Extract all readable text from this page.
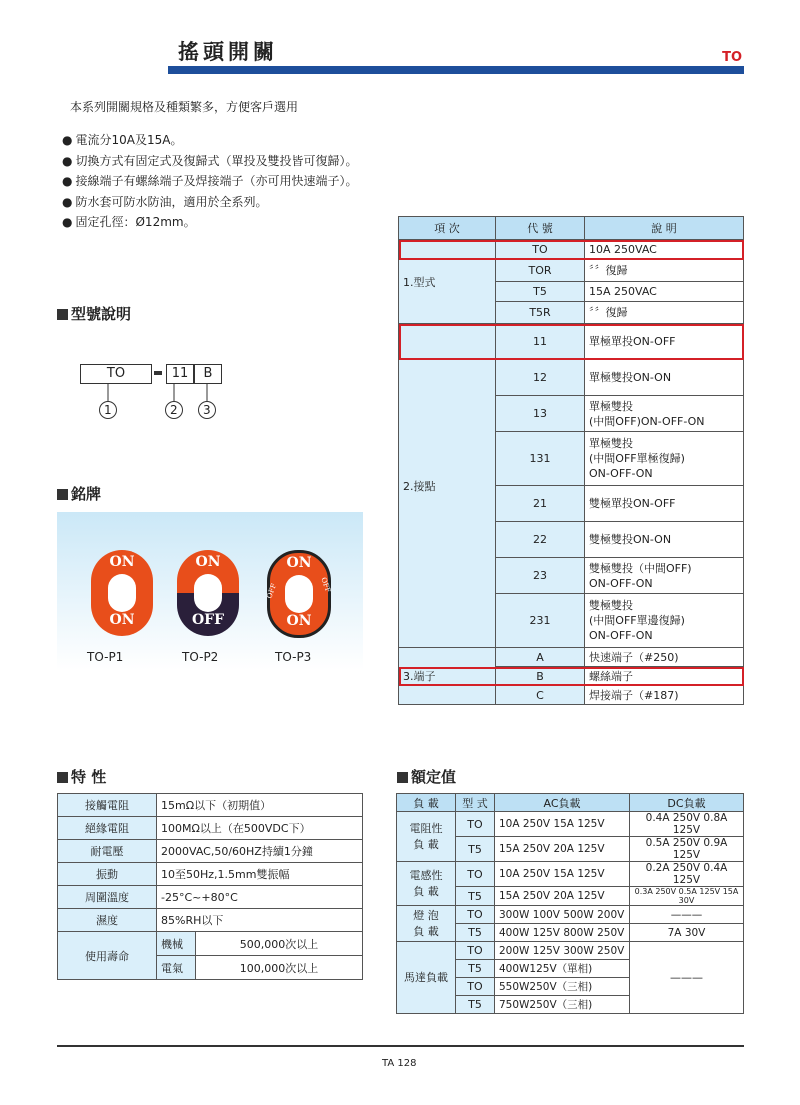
搖頭開關	TO
本系列開關規格及種類繁多，方便客戶選用
● 電流分10A及15A。
● 切換方式有固定式及復歸式（單投及雙投皆可復歸）。
● 接線端子有螺絲端子及焊接端子（亦可用快速端子）。
● 防水套可防水防油，適用於全系列。
● 固定孔徑：Ø12mm。
型號說明
TO	11	B
1	2 3
銘牌
ON
ON
ON
OFF
ON
ON
OFF	OFF
TO-P1	TO-P2	TO-P3
項 次	代 號	說 明
1.型式	TO	10A 250VAC
	TOR	〞〞復歸
	T5	15A 250VAC
	T5R	〞〞復歸
2.接點	11	單極單投ON-OFF
	12	單極雙投ON-ON
	13	單極雙投
(中間OFF)ON-OFF-ON
	131	單極雙投
(中間OFF單極復歸)
ON-OFF-ON
	21	雙極單投ON-OFF
	22	雙極雙投ON-ON
	23	雙極雙投（中間OFF)
ON-OFF-ON
	231	雙極雙投
(中間OFF單邊復歸)
ON-OFF-ON
3.端子	A	快速端子（#250)
	B	螺絲端子
	C	焊接端子（#187)
特 性
接觸電阻	15mΩ以下（初期值）	
絕緣電阻	100MΩ以上（在500VDC下）	
耐電壓	2000VAC,50/60HZ持續1分鐘	
振動	10至50Hz,1.5mm雙振幅	
周圍溫度	-25°C~+80°C	
濕度	85%RH以下	
使用壽命	機械	500,000次以上
	電氣	100,000次以上
額定值
負 載	型 式	AC負載	DC負載
電阻性
負 載	TO	10A 250V 15A 125V	0.4A 250V 0.8A 125V
	T5	15A 250V 20A 125V	0.5A 250V 0.9A 125V
電感性
負 載	TO	10A 250V 15A 125V	0.2A 250V 0.4A 125V
	T5	15A 250V 20A 125V	0.3A 250V 0.5A 125V 15A 30V
燈 泡
負 載	TO	300W 100V 500W 200V	———
	T5	400W 125V 800W 250V	7A 30V
馬達負載	TO	200W 125V 300W 250V	———
	T5	400W125V（單相)	
	TO	550W250V（三相)	
	T5	750W250V（三相)	
TA 128
